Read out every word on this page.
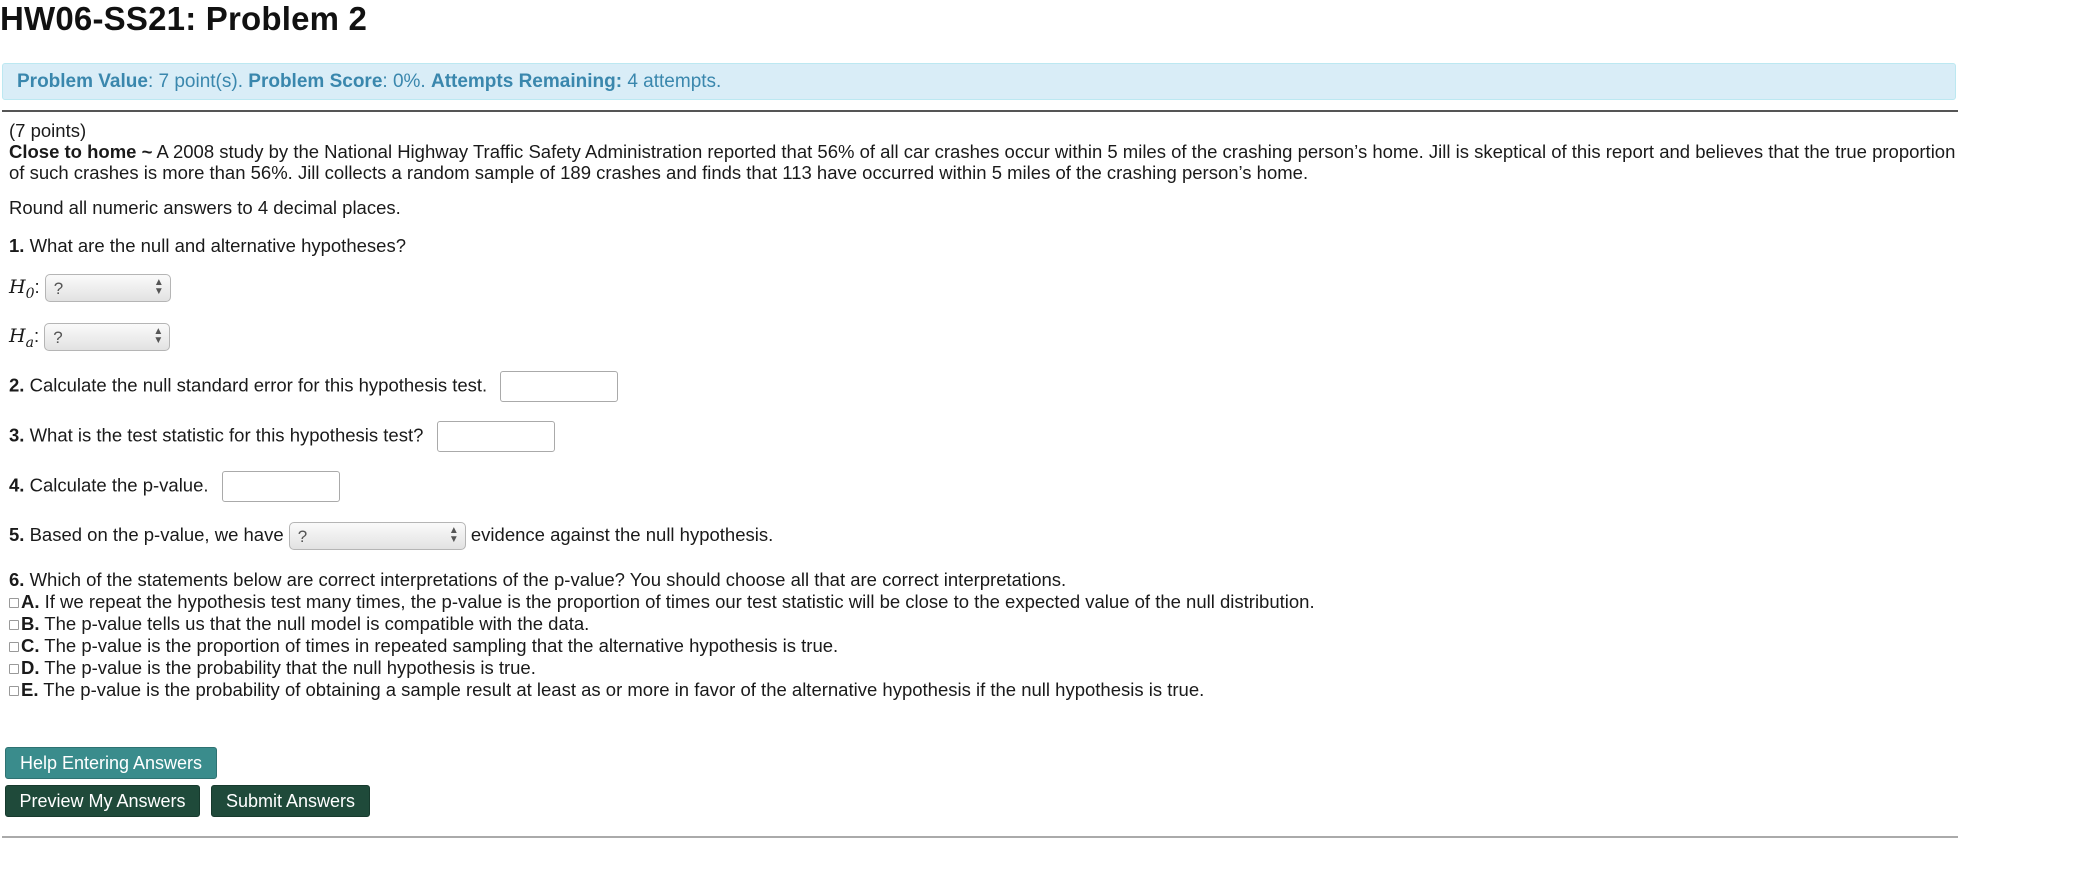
HW06-SS21: Problem 2
Problem Value: 7 point(s). Problem Score: 0%. Attempts Remaining: 4 attempts.
(7 points)
Close to home ~ A 2008 study by the National Highway Traffic Safety Administration reported that 56% of all car crashes occur within 5 miles of the crashing person’s home. Jill is skeptical of this report and believes that the true proportion of such crashes is more than 56%. Jill collects a random sample of 189 crashes and finds that 113 have occurred within 5 miles of the crashing person’s home.
Round all numeric answers to 4 decimal places.
1. What are the null and alternative hypotheses?
$H_0$: ?	▲
▼
$H_a$: ?	▲
▼
2. Calculate the null standard error for this hypothesis test.
3. What is the test statistic for this hypothesis test?
4. Calculate the p-value.
5. Based on the p-value, we have ?	▲
▼ evidence against the null hypothesis.
6. Which of the statements below are correct interpretations of the p-value? You should choose all that are correct interpretations.
A. If we repeat the hypothesis test many times, the p-value is the proportion of times our test statistic will be close to the expected value of the null distribution.
B. The p-value tells us that the null model is compatible with the data.
C. The p-value is the proportion of times in repeated sampling that the alternative hypothesis is true.
D. The p-value is the probability that the null hypothesis is true.
E. The p-value is the probability of obtaining a sample result at least as or more in favor of the alternative hypothesis if the null hypothesis is true.
Help Entering Answers
Preview My Answers	Submit Answers
